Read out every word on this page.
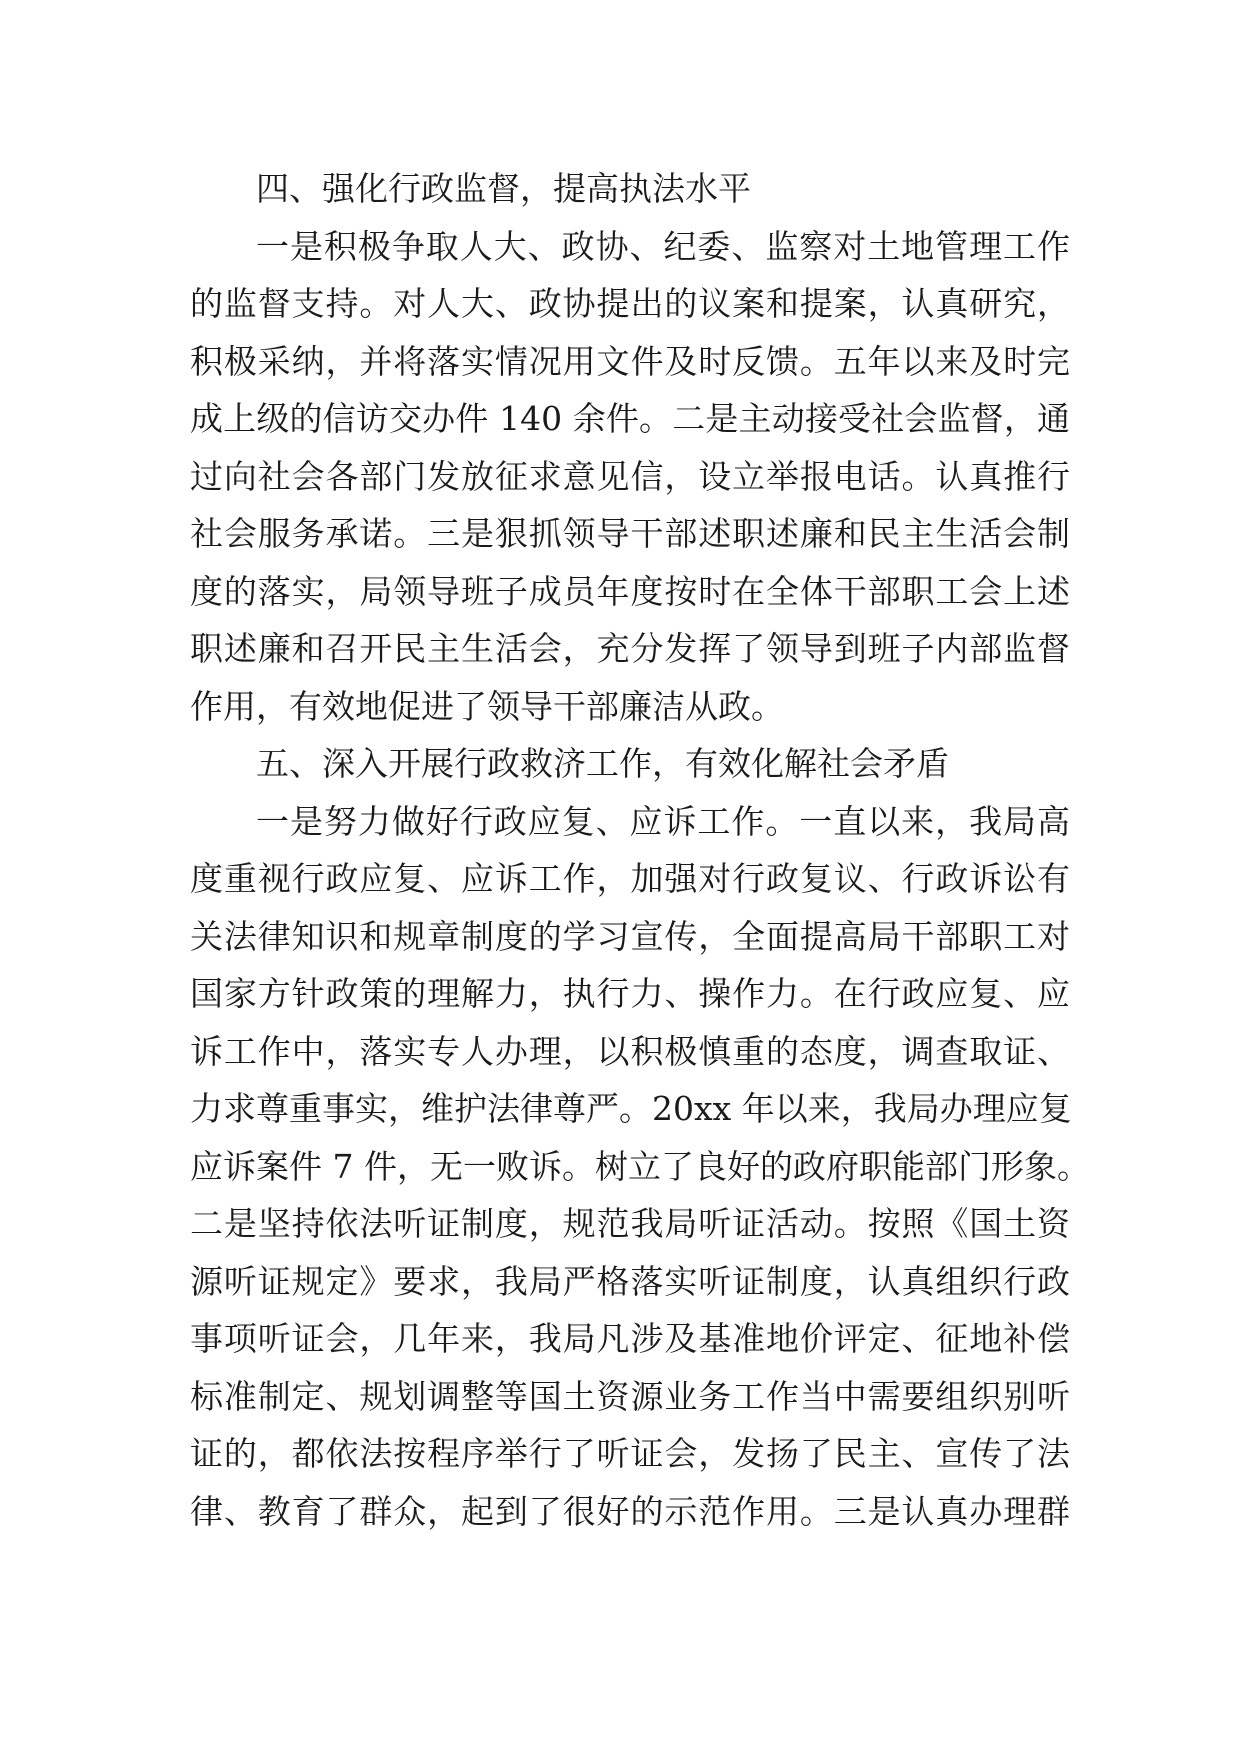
四、强化行政监督，提高执法水平
一是积极争取人大、政协、纪委、监察对土地管理工作
的监督支持。对人大、政协提出的议案和提案，认真研究，
积极采纳，并将落实情况用文件及时反馈。五年以来及时完
成上级的信访交办件 140 余件。二是主动接受社会监督，通
过向社会各部门发放征求意见信，设立举报电话。认真推行
社会服务承诺。三是狠抓领导干部述职述廉和民主生活会制
度的落实，局领导班子成员年度按时在全体干部职工会上述
职述廉和召开民主生活会，充分发挥了领导到班子内部监督
作用，有效地促进了领导干部廉洁从政。
五、深入开展行政救济工作，有效化解社会矛盾
一是努力做好行政应复、应诉工作。一直以来，我局高
度重视行政应复、应诉工作，加强对行政复议、行政诉讼有
关法律知识和规章制度的学习宣传，全面提高局干部职工对
国家方针政策的理解力，执行力、操作力。在行政应复、应
诉工作中，落实专人办理，以积极慎重的态度，调查取证、
力求尊重事实，维护法律尊严。20xx 年以来，我局办理应复
应诉案件 7 件，无一败诉。树立了良好的政府职能部门形象。
二是坚持依法听证制度，规范我局听证活动。按照《国土资
源听证规定》要求，我局严格落实听证制度，认真组织行政
事项听证会，几年来，我局凡涉及基准地价评定、征地补偿
标准制定、规划调整等国土资源业务工作当中需要组织别听
证的，都依法按程序举行了听证会，发扬了民主、宣传了法
律、教育了群众，起到了很好的示范作用。三是认真办理群
